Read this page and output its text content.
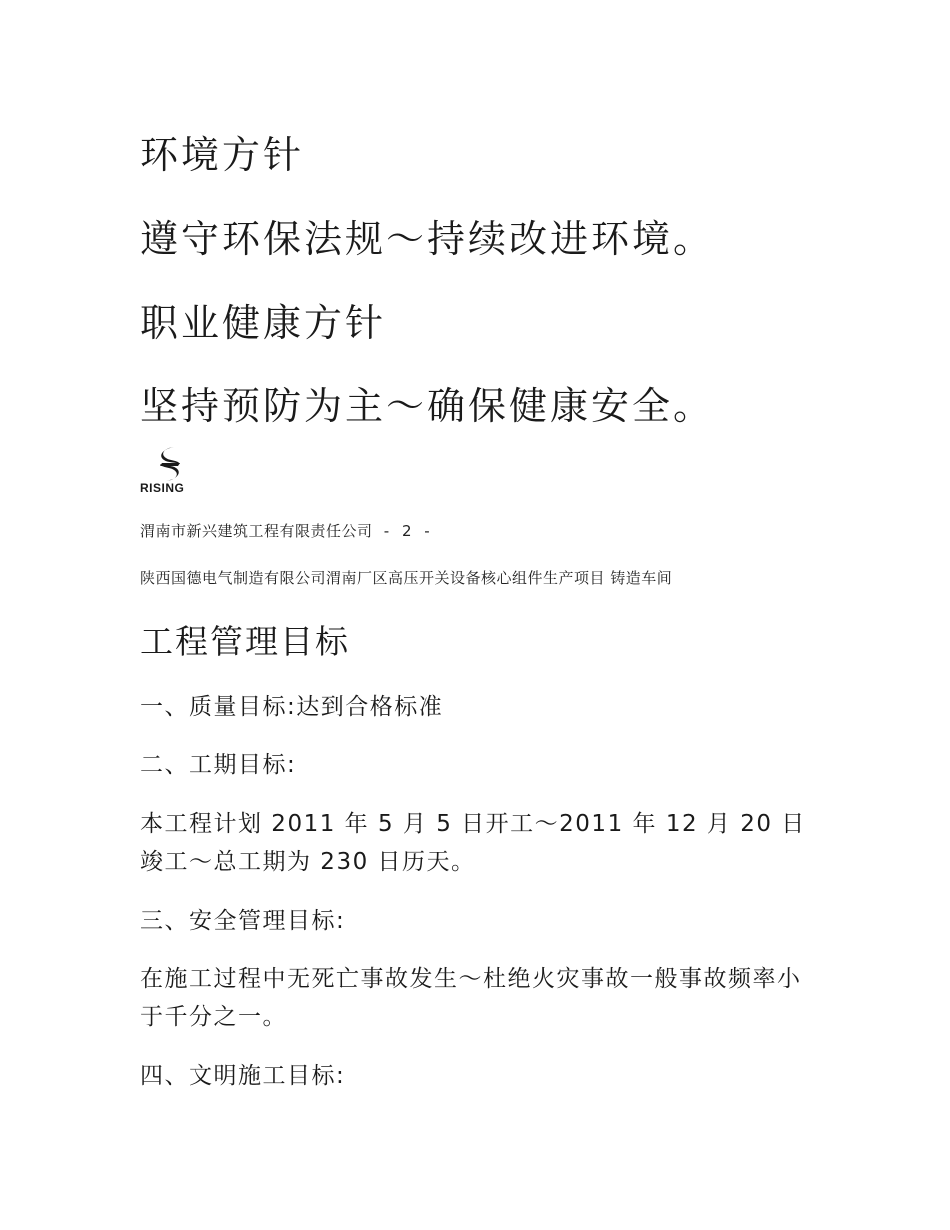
环境方针

遵守环保法规～持续改进环境。

职业健康方针

坚持预防为主～确保健康安全。

RISING
渭南市新兴建筑工程有限责任公司 - 2 -
陕西国德电气制造有限公司渭南厂区高压开关设备核心组件生产项目 铸造车间
工程管理目标

一、质量目标:达到合格标准

二、工期目标:

本工程计划 2011 年 5 月 5 日开工～2011 年 12 月 20 日竣工～总工期为 230 日历天。

三、安全管理目标:

在施工过程中无死亡事故发生～杜绝火灾事故一般事故频率小于千分之一。

四、文明施工目标:
